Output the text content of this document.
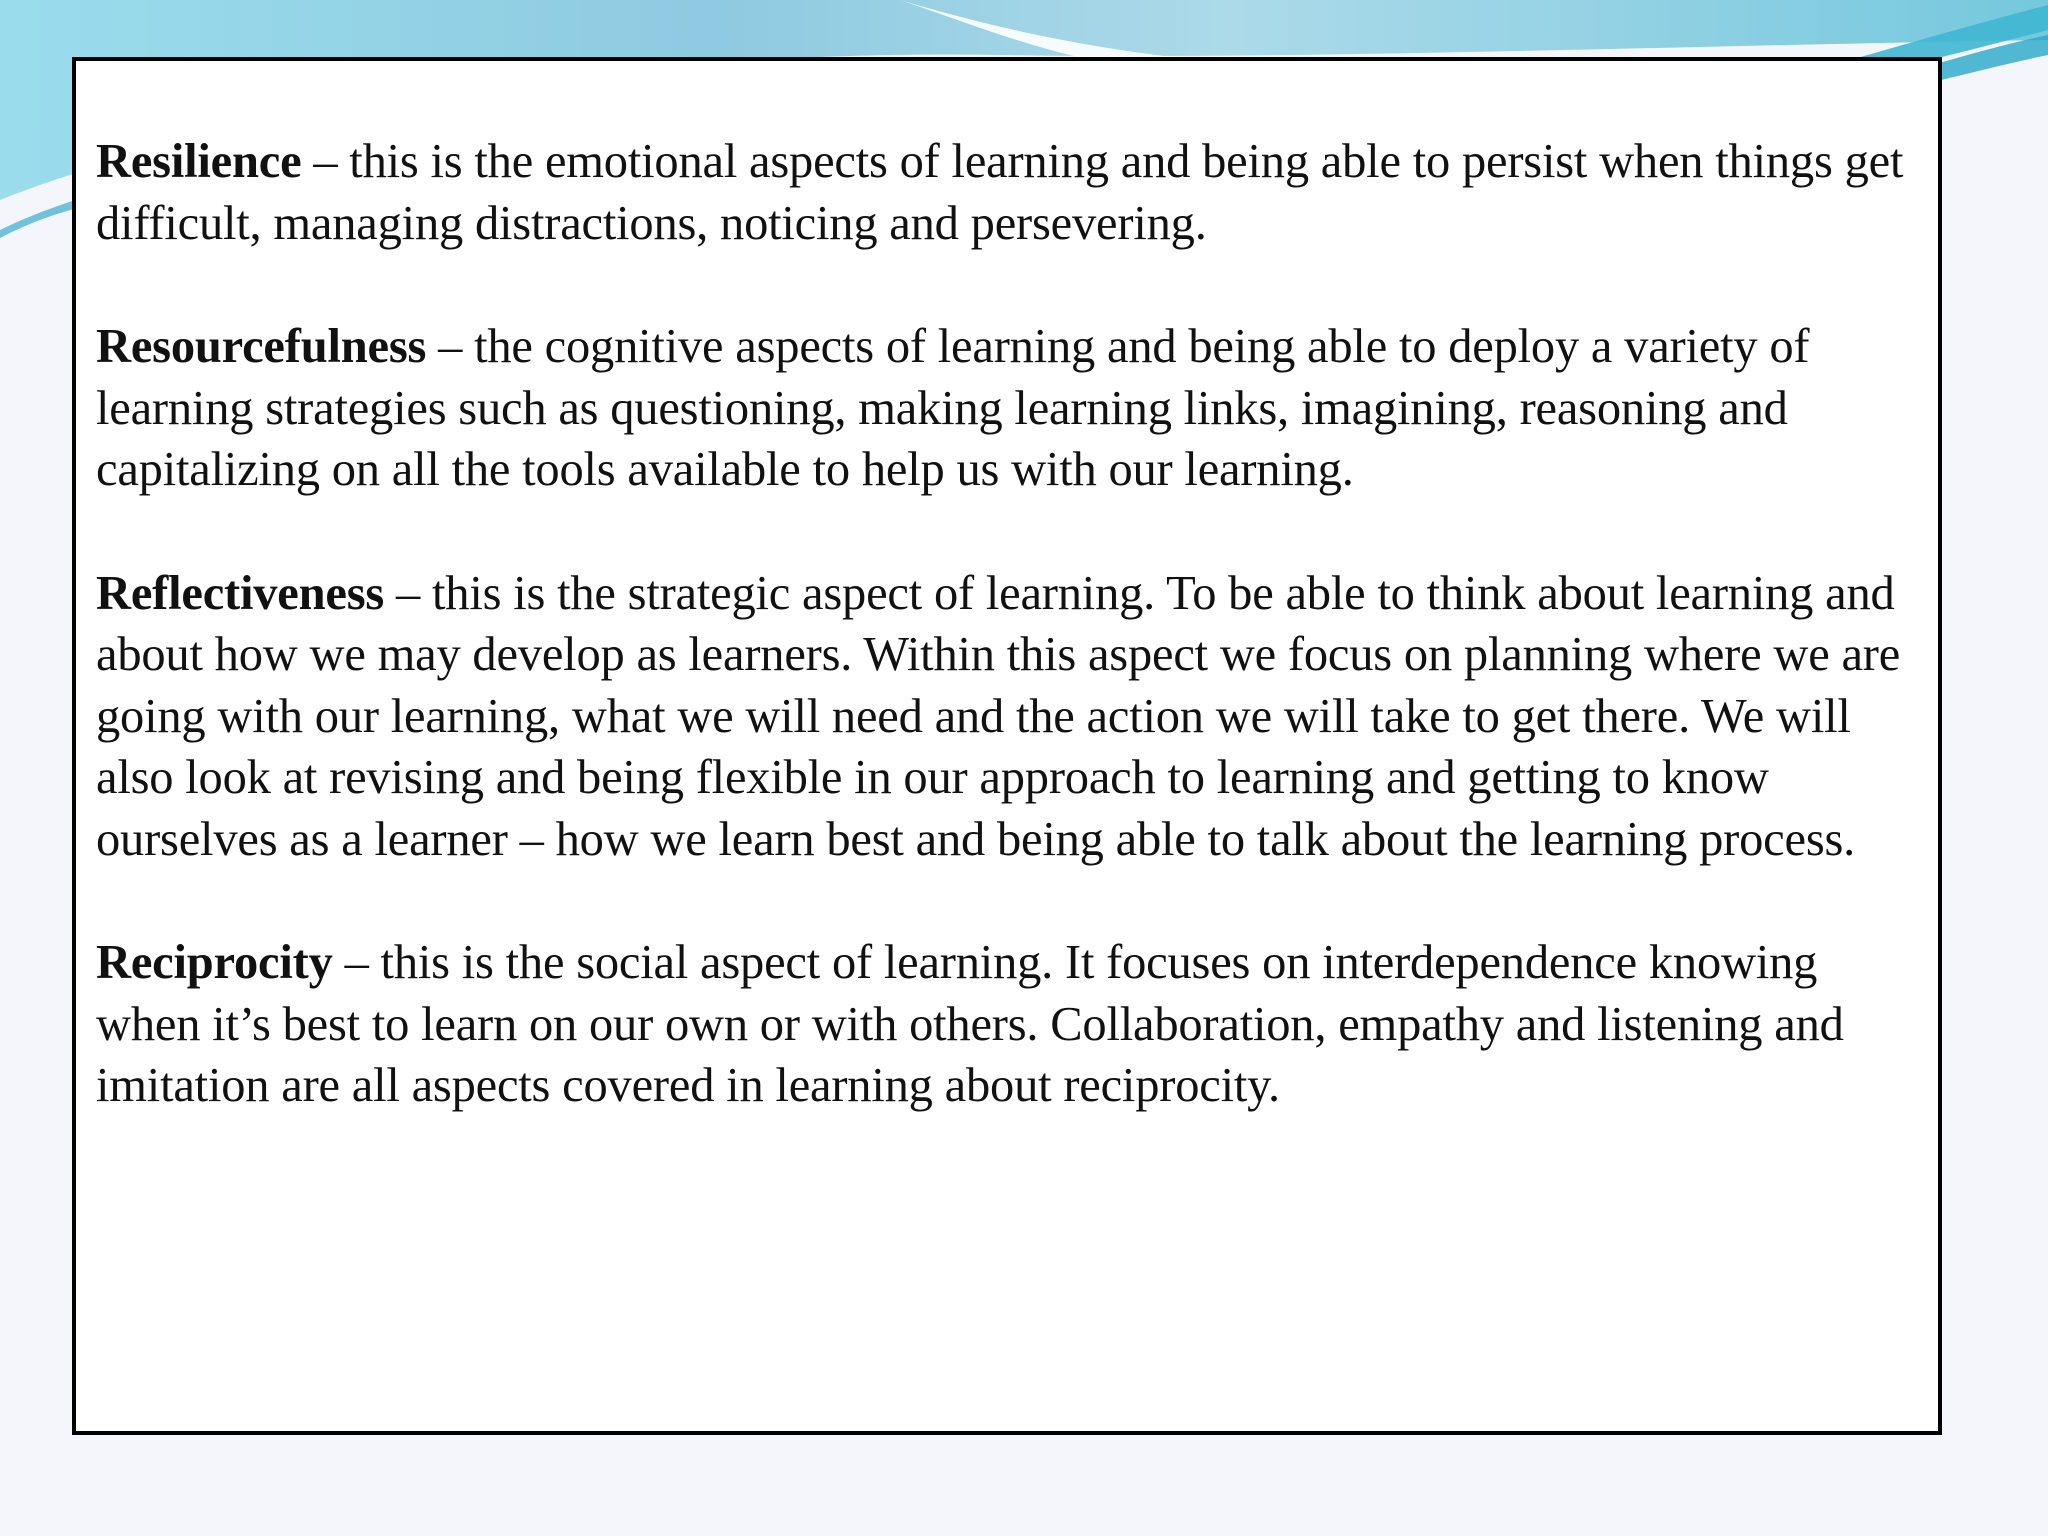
Resilience – this is the emotional aspects of learning and being able to persist when things get difficult, managing distractions, noticing and persevering.

Resourcefulness – the cognitive aspects of learning and being able to deploy a variety of learning strategies such as questioning, making learning links, imagining, reasoning and capitalizing on all the tools available to help us with our learning.

Reflectiveness – this is the strategic aspect of learning. To be able to think about learning and about how we may develop as learners. Within this aspect we focus on planning where we are going with our learning, what we will need and the action we will take to get there. We will also look at revising and being flexible in our approach to learning and getting to know ourselves as a learner – how we learn best and being able to talk about the learning process.

Reciprocity – this is the social aspect of learning. It focuses on interdependence knowing when it’s best to learn on our own or with others. Collaboration, empathy and listening and imitation are all aspects covered in learning about reciprocity.
